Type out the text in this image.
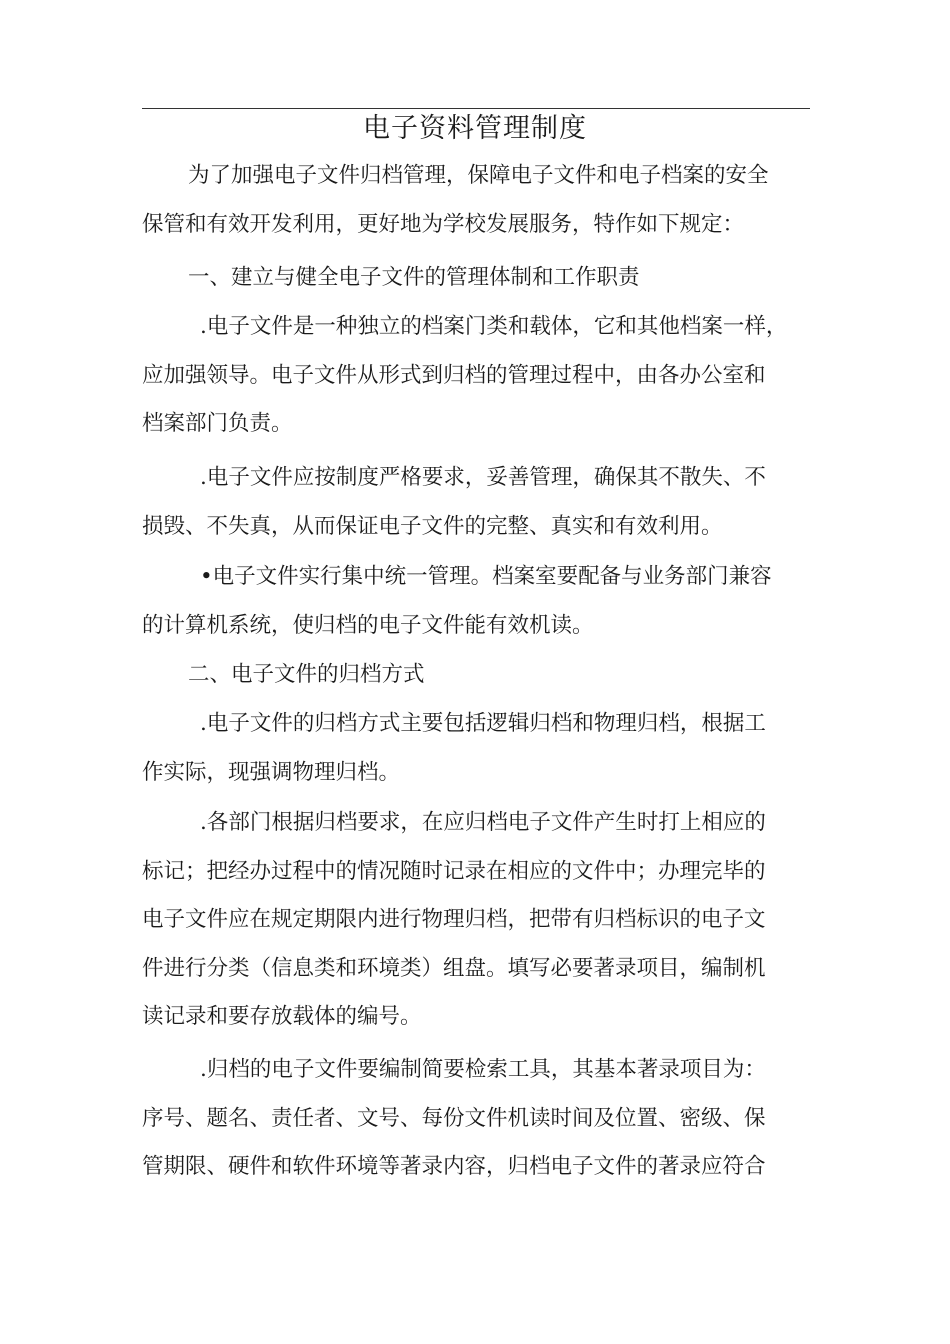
电子资料管理制度
为了加强电子文件归档管理，保障电子文件和电子档案的安全
保管和有效开发利用，更好地为学校发展服务，特作如下规定：
一、建立与健全电子文件的管理体制和工作职责
.电子文件是一种独立的档案门类和载体，它和其他档案一样，
应加强领导。电子文件从形式到归档的管理过程中，由各办公室和
档案部门负责。
.电子文件应按制度严格要求，妥善管理，确保其不散失、不
损毁、不失真，从而保证电子文件的完整、真实和有效利用。
•电子文件实行集中统一管理。档案室要配备与业务部门兼容
的计算机系统，使归档的电子文件能有效机读。
二、电子文件的归档方式
.电子文件的归档方式主要包括逻辑归档和物理归档，根据工
作实际，现强调物理归档。
.各部门根据归档要求，在应归档电子文件产生时打上相应的
标记；把经办过程中的情况随时记录在相应的文件中；办理完毕的
电子文件应在规定期限内进行物理归档，把带有归档标识的电子文
件进行分类（信息类和环境类）组盘。填写必要著录项目，编制机
读记录和要存放载体的编号。
.归档的电子文件要编制简要检索工具，其基本著录项目为：
序号、题名、责任者、文号、每份文件机读时间及位置、密级、保
管期限、硬件和软件环境等著录内容，归档电子文件的著录应符合
